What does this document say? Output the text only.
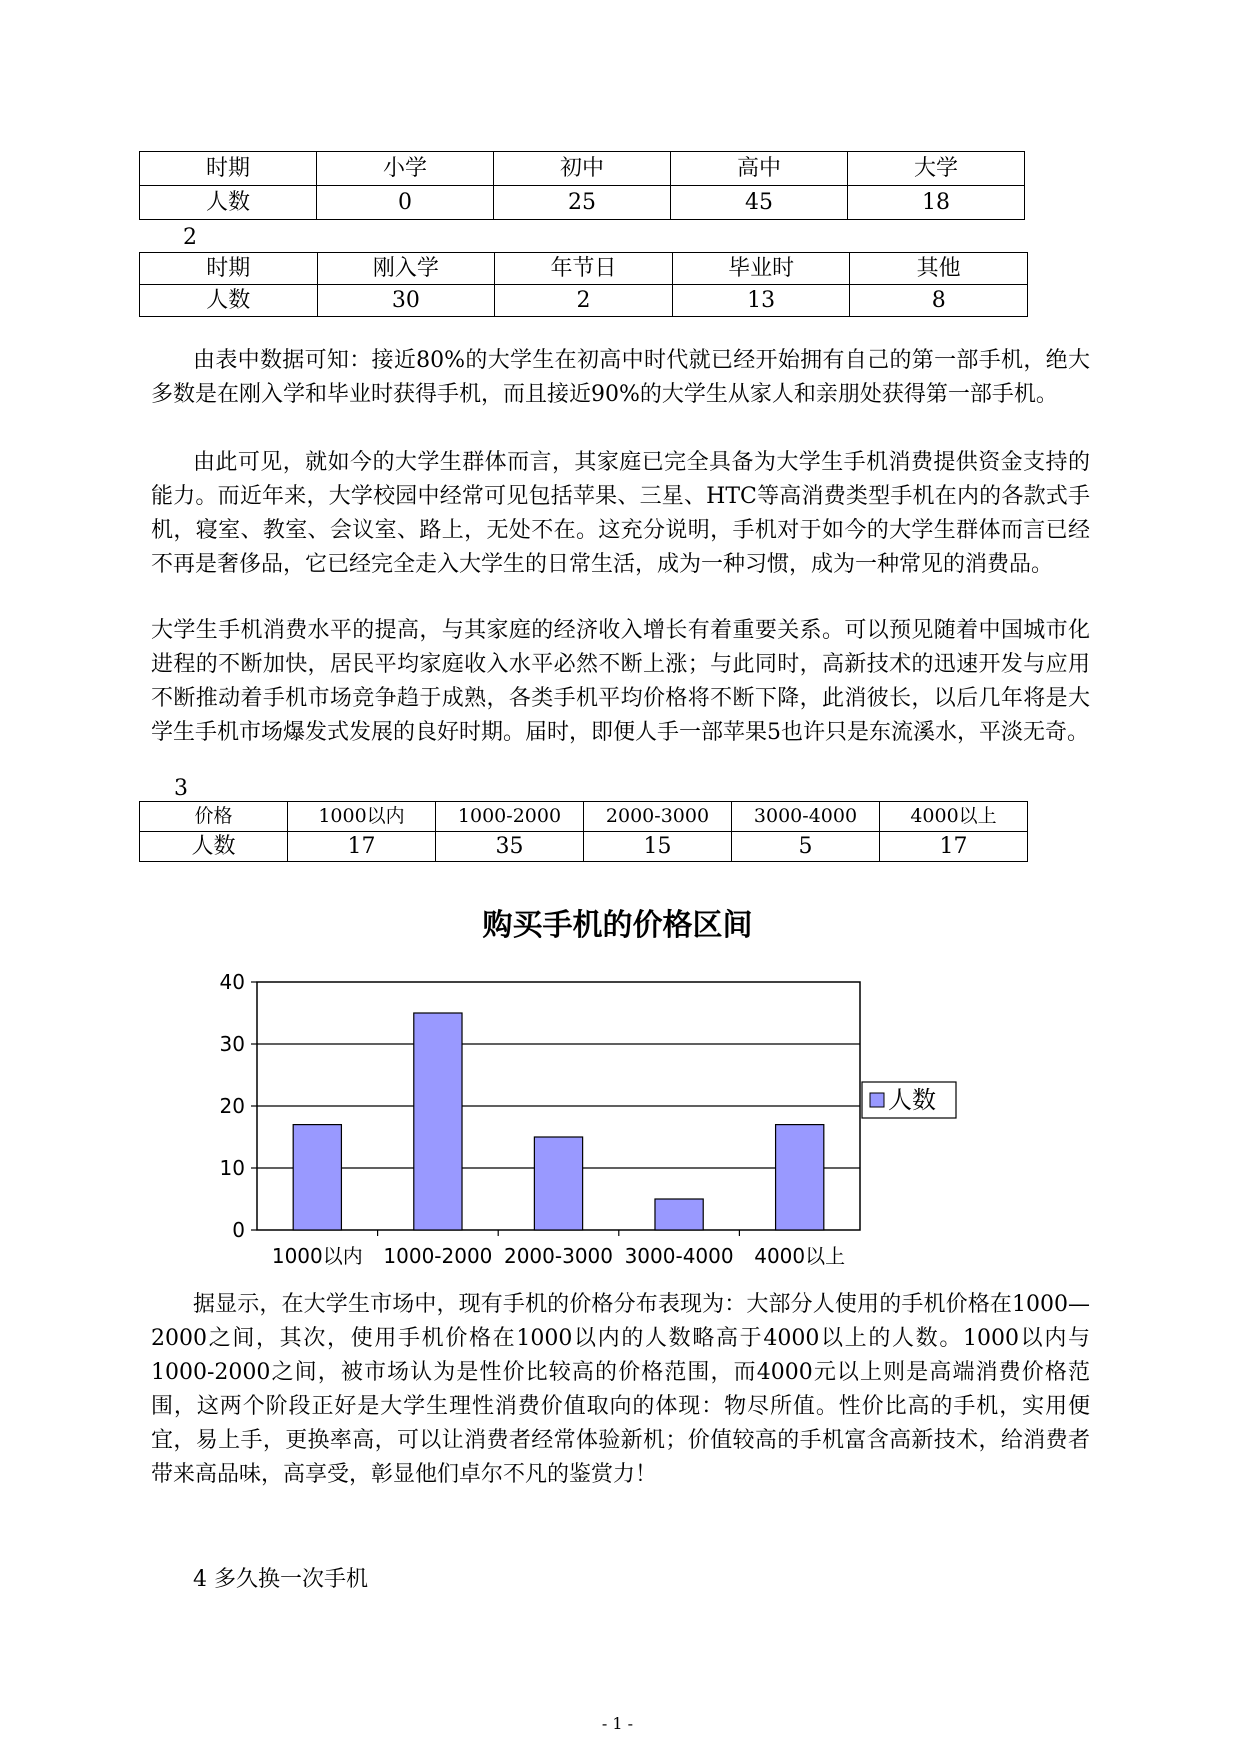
时期	小学	初中	高中	大学
人数	0	25	45	18
2
时期	刚入学	年节日	毕业时	其他
人数	30	2	13	8

由表中数据可知：接近80%的大学生在初高中时代就已经开始拥有自己的第一部手机，绝大多数是在刚入学和毕业时获得手机，而且接近90%的大学生从家人和亲朋处获得第一部手机。

由此可见，就如今的大学生群体而言，其家庭已完全具备为大学生手机消费提供资金支持的能力。而近年来，大学校园中经常可见包括苹果、三星、HTC等高消费类型手机在内的各款式手机，寝室、教室、会议室、路上，无处不在。这充分说明，手机对于如今的大学生群体而言已经不再是奢侈品，它已经完全走入大学生的日常生活，成为一种习惯，成为一种常见的消费品。

大学生手机消费水平的提高，与其家庭的经济收入增长有着重要关系。可以预见随着中国城市化进程的不断加快，居民平均家庭收入水平必然不断上涨；与此同时，高新技术的迅速开发与应用不断推动着手机市场竞争趋于成熟，各类手机平均价格将不断下降，此消彼长，以后几年将是大学生手机市场爆发式发展的良好时期。届时，即便人手一部苹果5也许只是东流溪水，平淡无奇。

3
价格	1000以内	1000-2000	2000-3000	3000-4000	4000以上
人数	17	35	15	5	17
购买手机的价格区间
0
10
20
30
40
1000以内 1000-2000 2000-3000 3000-4000 4000以上
人数

据显示，在大学生市场中，现有手机的价格分布表现为：大部分人使用的手机价格在1000—2000之间，其次，使用手机价格在1000以内的人数略高于4000以上的人数。1000以内与1000-2000之间，被市场认为是性价比较高的价格范围，而4000元以上则是高端消费价格范围，这两个阶段正好是大学生理性消费价值取向的体现：物尽所值。性价比高的手机，实用便宜，易上手，更换率高，可以让消费者经常体验新机；价值较高的手机富含高新技术，给消费者带来高品味，高享受，彰显他们卓尔不凡的鉴赏力！

4 多久换一次手机
- 1 -
